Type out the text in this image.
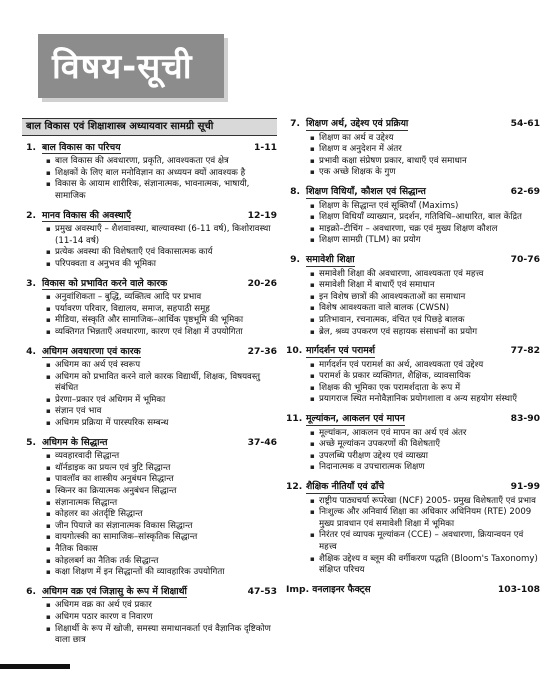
विषय-सूची
बाल विकास एवं शिक्षाशास्त्र अध्यायवार सामग्री सूची
1. बाल विकास का परिचय	1-11
▪ बाल विकास की अवधारणा, प्रकृति, आवश्यकता एवं क्षेत्र
▪ शिक्षकों के लिए बाल मनोविज्ञान का अध्ययन क्यों आवश्यक है
▪ विकास के आयाम शारीरिक, संज्ञानात्मक, भावनात्मक, भाषायी, सामाजिक
2. मानव विकास की अवस्थाएँ	12-19
▪ प्रमुख अवस्थाएँ – शैशवावस्था, बाल्यावस्था (6-11 वर्ष), किशोरावस्था (11-14 वर्ष)
▪ प्रत्येक अवस्था की विशेषताएँ एवं विकासात्मक कार्य
▪ परिपक्वता व अनुभव की भूमिका
3. विकास को प्रभावित करने वाले कारक	20-26
▪ अनुवांशिकता – बुद्धि, व्यक्तित्व आदि पर प्रभाव
▪ पर्यावरण परिवार, विद्यालय, समाज, सहपाठी समूह
▪ मीडिया, संस्कृति और सामाजिक–आर्थिक पृष्ठभूमि की भूमिका
▪ व्यक्तिगत भिन्नताएँ अवधारणा, कारण एवं शिक्षा में उपयोगिता
4. अधिगम अवधारणा एवं कारक	27-36
▪ अधिगम का अर्थ एवं स्वरूप
▪ अधिगम को प्रभावित करने वाले कारक विद्यार्थी, शिक्षक, विषयवस्तु संबंधित
▪ प्रेरणा–प्रकार एवं अधिगम में भूमिका
▪ संज्ञान एवं भाव
▪ अधिगम प्रक्रिया में पारस्परिक सम्बन्ध
5. अधिगम के सिद्धान्त	37-46
▪ व्यवहारवादी सिद्धान्त
▪ थॉर्नडाइक का प्रयत्न एवं त्रुटि सिद्धान्त
▪ पावलॉव का शास्त्रीय अनुबंधन सिद्धान्त
▪ स्किनर का क्रियात्मक अनुबंधन सिद्धान्त
▪ संज्ञानात्मक सिद्धान्त
▪ कोहलर का अंतर्दृष्टि सिद्धान्त
▪ जीन पियाजे का संज्ञानात्मक विकास सिद्धान्त
▪ वायगोत्स्की का सामाजिक–सांस्कृतिक सिद्धान्त
▪ नैतिक विकास
▪ कोहलबर्ग का नैतिक तर्क सिद्धान्त
▪ कक्षा शिक्षण में इन सिद्धान्तों की व्यावहारिक उपयोगिता
6. अधिगम वक्र एवं जिज्ञासु के रूप में शिक्षार्थी	47-53
▪ अधिगम वक्र का अर्थ एवं प्रकार
▪ अधिगम पठार कारण व निवारण
▪ शिक्षार्थी के रूप में खोजी, समस्या समाधानकर्ता एवं वैज्ञानिक दृष्टिकोण वाला छात्र
7. शिक्षण अर्थ, उद्देश्य एवं प्रक्रिया	54-61
▪ शिक्षण का अर्थ व उद्देश्य
▪ शिक्षण व अनुदेशन में अंतर
▪ प्रभावी कक्षा संप्रेषण प्रकार, बाधाएँ एवं समाधान
▪ एक अच्छे शिक्षक के गुण
8. शिक्षण विधियाँ, कौशल एवं सिद्धान्त	62-69
▪ शिक्षण के सिद्धान्त एवं सूक्तियाँ (Maxims)
▪ शिक्षण विधियाँ व्याख्यान, प्रदर्शन, गतिविधि–आधारित, बाल केंद्रित
▪ माइक्रो–टीचिंग – अवधारणा, चक्र एवं मुख्य शिक्षण कौशल
▪ शिक्षण सामग्री (TLM) का प्रयोग
9. समावेशी शिक्षा	70-76
▪ समावेशी शिक्षा की अवधारणा, आवश्यकता एवं महत्त्व
▪ समावेशी शिक्षा में बाधाएँ एवं समाधान
▪ इन विशेष छात्रों की आवश्यकताओं का समाधान
▪ विशेष आवश्यकता वाले बालक (CWSN)
▪ प्रतिभावान, रचनात्मक, वंचित एवं पिछड़े बालक
▪ ब्रेल, श्रव्य उपकरण एवं सहायक संसाधनों का प्रयोग
10. मार्गदर्शन एवं परामर्श	77-82
▪ मार्गदर्शन एवं परामर्श का अर्थ, आवश्यकता एवं उद्देश्य
▪ परामर्श के प्रकार व्यक्तिगत, शैक्षिक, व्यावसायिक
▪ शिक्षक की भूमिका एक परामर्शदाता के रूप में
▪ प्रयागराज स्थित मनोवैज्ञानिक प्रयोगशाला व अन्य सहयोग संस्थाएँ
11. मूल्यांकन, आकलन एवं मापन	83-90
▪ मूल्यांकन, आकलन एवं मापन का अर्थ एवं अंतर
▪ अच्छे मूल्यांकन उपकरणों की विशेषताएँ
▪ उपलब्धि परीक्षण उद्देश्य एवं व्याख्या
▪ निदानात्मक व उपचारात्मक शिक्षण
12. शैक्षिक नीतियाँ एवं ढाँचे	91-99
▪ राष्ट्रीय पाठ्यचर्या रूपरेखा (NCF) 2005- प्रमुख विशेषताएँ एवं प्रभाव
▪ निःशुल्क और अनिवार्य शिक्षा का अधिकार अधिनियम (RTE) 2009 मुख्य प्रावधान एवं समावेशी शिक्षा में भूमिका
▪ निरंतर एवं व्यापक मूल्यांकन (CCE) – अवधारणा, क्रियान्वयन एवं महत्त्व
▪ शैक्षिक उद्देश्य व ब्लूम की वर्गीकरण पद्धति (Bloom's Taxonomy) संक्षिप्त परिचय
Imp. वनलाइनर फैक्ट्स	103-108
